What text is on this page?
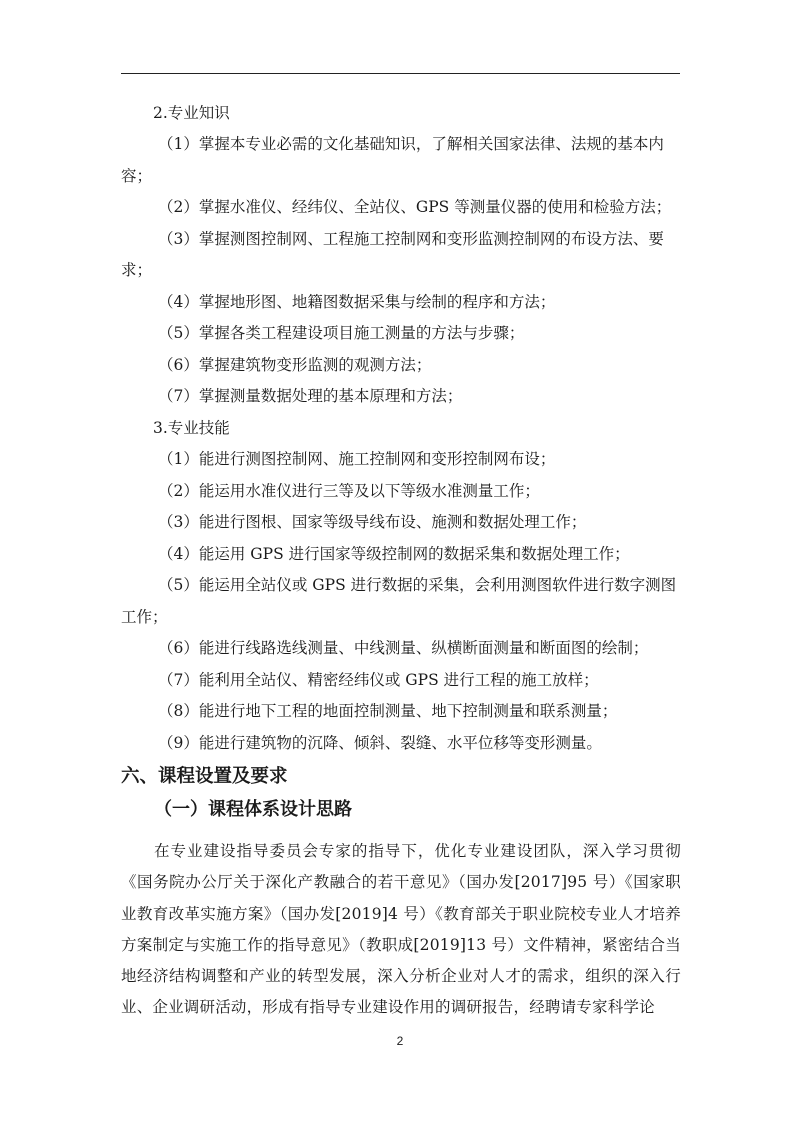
2.专业知识
（1）掌握本专业必需的文化基础知识，了解相关国家法律、法规的基本内
容；
（2）掌握水准仪、经纬仪、全站仪、GPS 等测量仪器的使用和检验方法；
（3）掌握测图控制网、工程施工控制网和变形监测控制网的布设方法、要
求；
（4）掌握地形图、地籍图数据采集与绘制的程序和方法；
（5）掌握各类工程建设项目施工测量的方法与步骤；
（6）掌握建筑物变形监测的观测方法；
（7）掌握测量数据处理的基本原理和方法；
3.专业技能
（1）能进行测图控制网、施工控制网和变形控制网布设；
（2）能运用水准仪进行三等及以下等级水准测量工作；
（3）能进行图根、国家等级导线布设、施测和数据处理工作；
（4）能运用 GPS 进行国家等级控制网的数据采集和数据处理工作；
（5）能运用全站仪或 GPS 进行数据的采集，会利用测图软件进行数字测图
工作；
（6）能进行线路选线测量、中线测量、纵横断面测量和断面图的绘制；
（7）能利用全站仪、精密经纬仪或 GPS 进行工程的施工放样；
（8）能进行地下工程的地面控制测量、地下控制测量和联系测量；
（9）能进行建筑物的沉降、倾斜、裂缝、水平位移等变形测量。
六、课程设置及要求
（一）课程体系设计思路
在专业建设指导委员会专家的指导下，优化专业建设团队，深入学习贯彻《国务院办公厅关于深化产教融合的若干意见》（国办发[2017]95 号）《国家职业教育改革实施方案》（国办发[2019]4 号）《教育部关于职业院校专业人才培养方案制定与实施工作的指导意见》（教职成[2019]13 号）文件精神，紧密结合当地经济结构调整和产业的转型发展，深入分析企业对人才的需求，组织的深入行业、企业调研活动，形成有指导专业建设作用的调研报告，经聘请专家科学论
2
